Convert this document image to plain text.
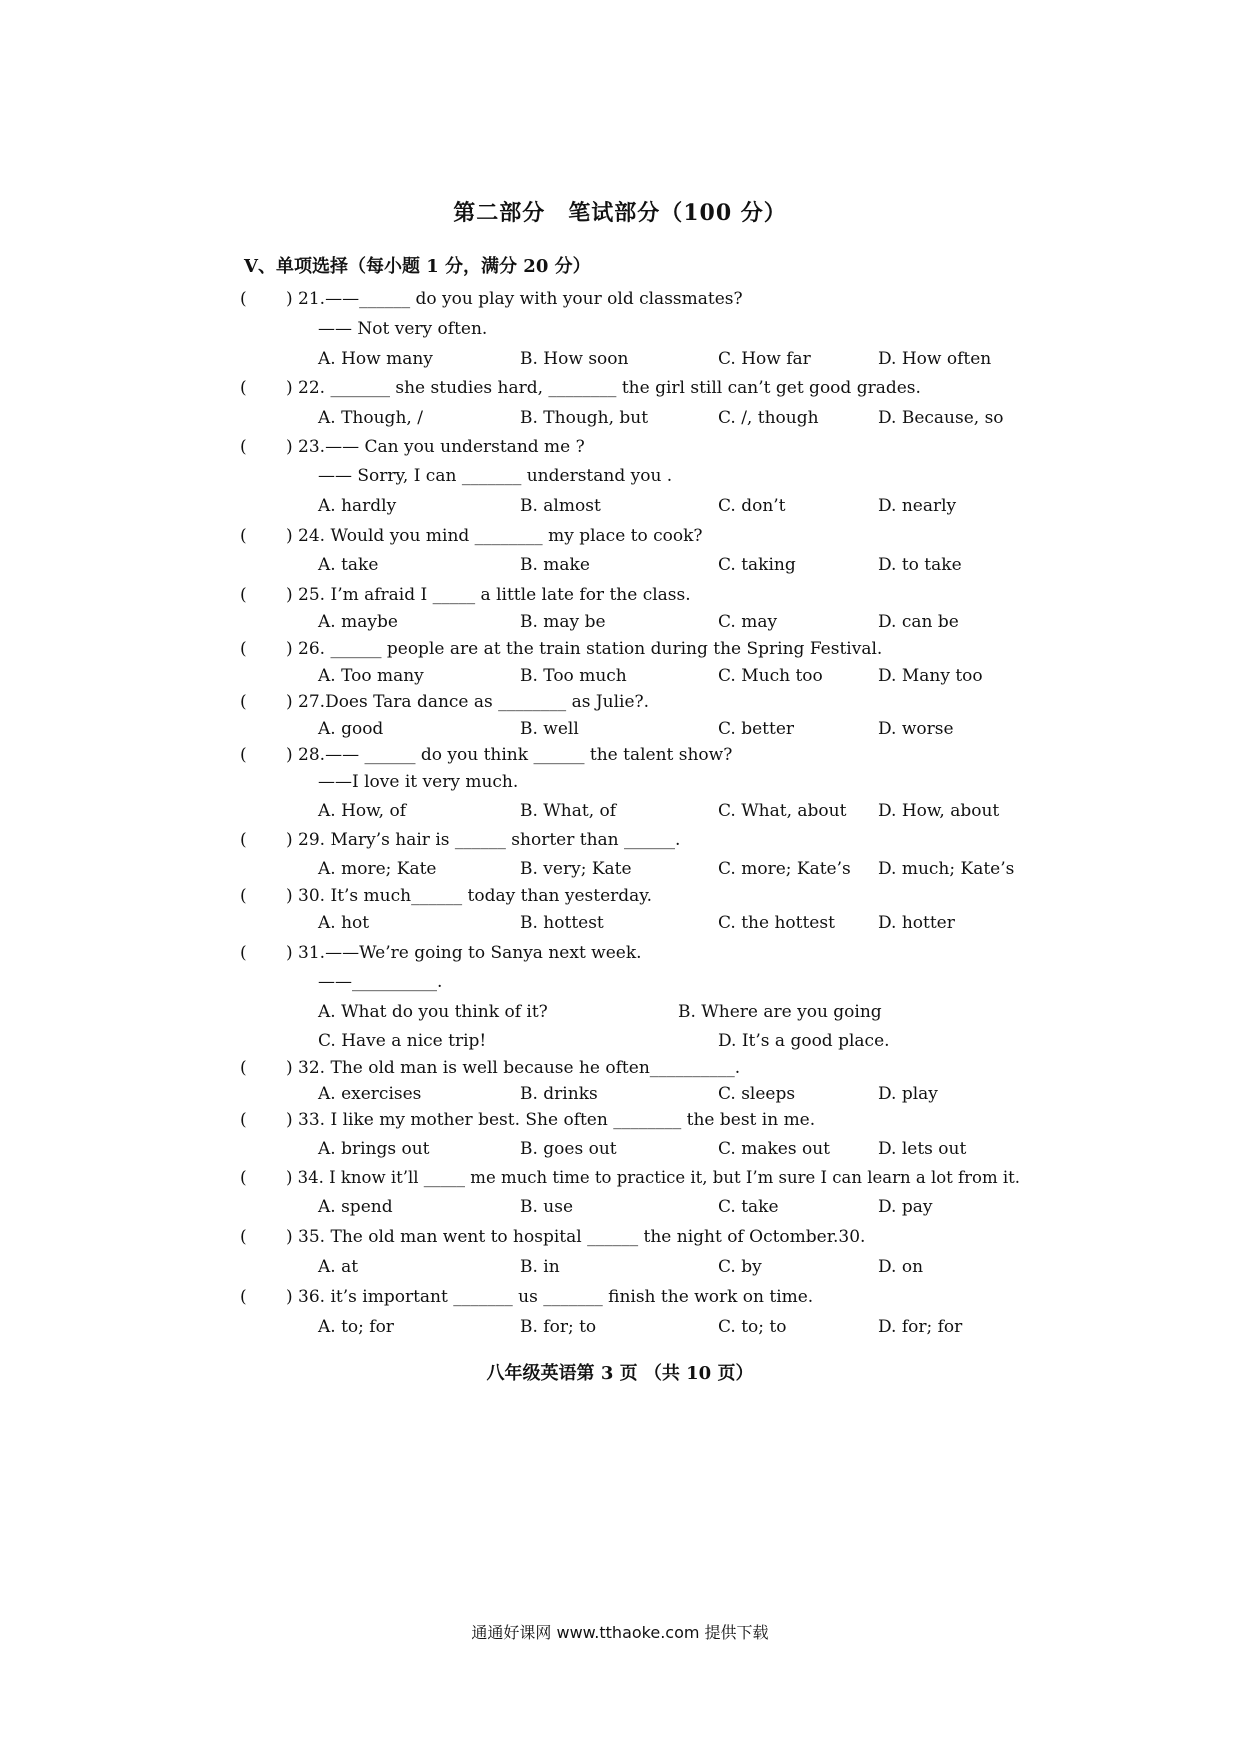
第二部分　笔试部分（100 分）
V、单项选择（每小题 1 分，满分 20 分）
( ) 21.——______ do you play with your old classmates?
—— Not very often.
A. How many	B. How soon	C. How far	D. How often
( ) 22. _______ she studies hard, ________ the girl still can’t get good grades.
A. Though, /	B. Though, but	C. /, though	D. Because, so
( ) 23.—— Can you understand me ?
—— Sorry, I can _______ understand you .
A. hardly	B. almost	C. don’t	D. nearly
( ) 24. Would you mind ________ my place to cook?
A. take	B. make	C. taking	D. to take
( ) 25. I’m afraid I _____ a little late for the class.
A. maybe	B. may be	C. may	D. can be
( ) 26. ______ people are at the train station during the Spring Festival.
A. Too many	B. Too much	C. Much too	D. Many too
( ) 27.Does Tara dance as ________ as Julie?.
A. good	B. well	C. better	D. worse
( ) 28.—— ______ do you think ______ the talent show?
——I love it very much.
A. How, of	B. What, of	C. What, about D. How, about
( ) 29. Mary’s hair is ______ shorter than ______.
A. more; Kate	B. very; Kate	C. more; Kate’s D. much; Kate’s
( ) 30. It’s much______ today than yesterday.
A. hot	B. hottest	C. the hottest	D. hotter
( ) 31.——We’re going to Sanya next week.
——__________.
A. What do you think of it?	B. Where are you going
C. Have a nice trip!	D. It’s a good place.
( ) 32. The old man is well because he often__________.
A. exercises	B. drinks	C. sleeps	D. play
( ) 33. I like my mother best. She often ________ the best in me.
A. brings out	B. goes out	C. makes out	D. lets out
( ) 34. I know it’ll _____ me much time to practice it, but I’m sure I can learn a lot from it.
A. spend	B. use	C. take	D. pay
( ) 35. The old man went to hospital ______ the night of Octomber.30.
A. at	B. in	C. by	D. on
( ) 36. it’s important _______ us _______ finish the work on time.
A. to; for	B. for; to	C. to; to	D. for; for
八年级英语第 3 页 （共 10 页）
通通好课网 www.tthaoke.com 提供下载
